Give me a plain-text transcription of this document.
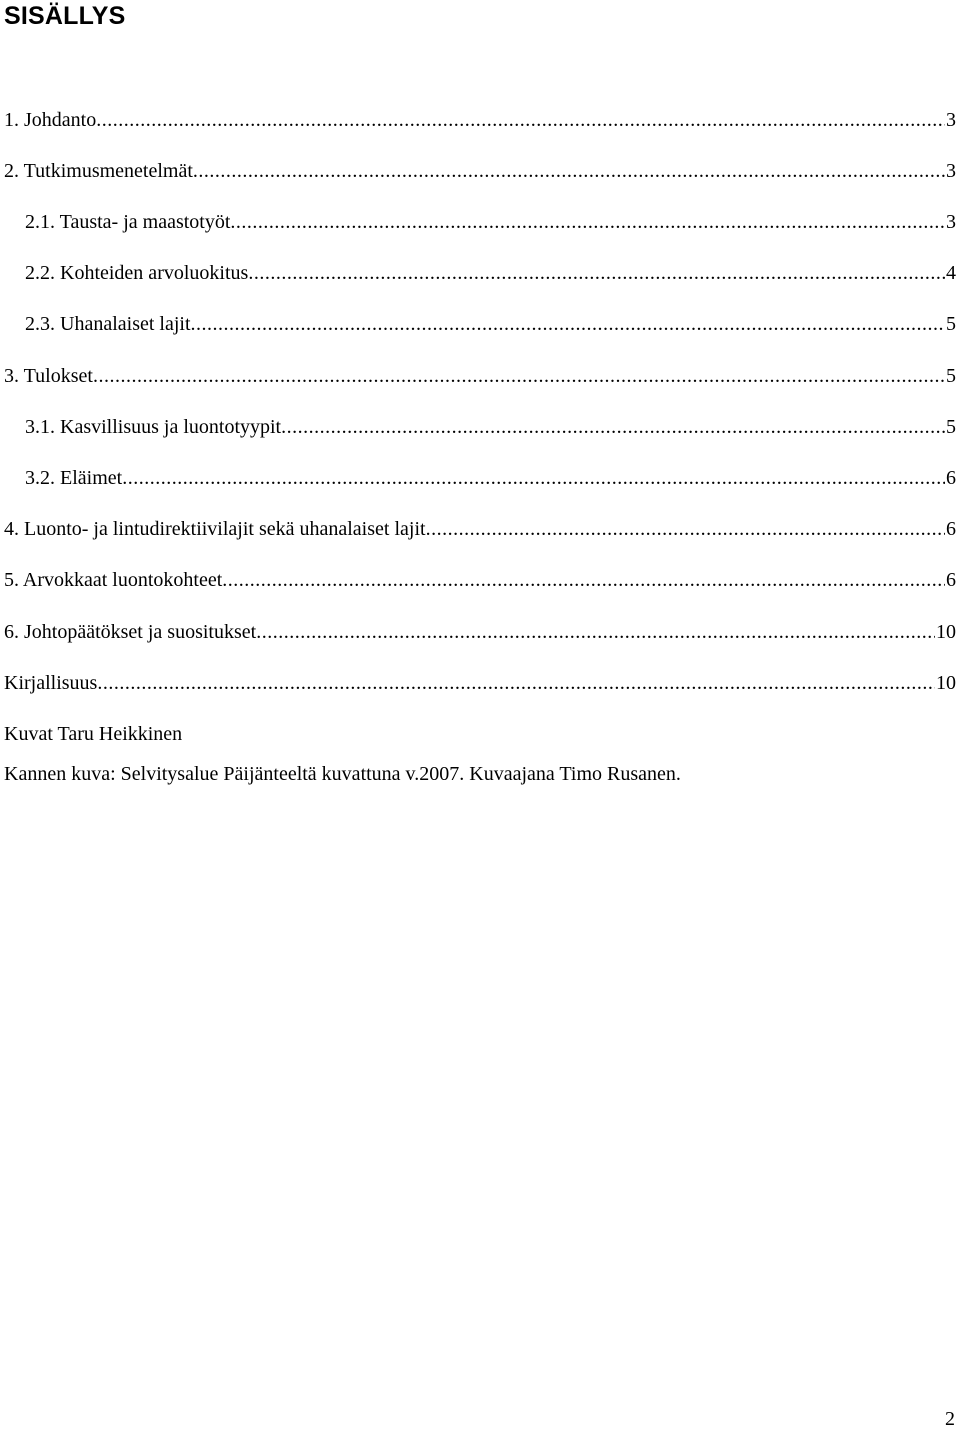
SISÄLLYS
1. Johdanto .....	3
2. Tutkimusmenetelmät .....	3
2.1. Tausta- ja maastotyöt .....	3
2.2. Kohteiden arvoluokitus .....	4
2.3. Uhanalaiset lajit .....	5
3. Tulokset .....	5
3.1. Kasvillisuus ja luontotyypit .....	5
3.2. Eläimet .....	6
4. Luonto- ja lintudirektiivilajit sekä uhanalaiset lajit .....	6
5. Arvokkaat luontokohteet .....	6
6. Johtopäätökset ja suositukset .....	10
Kirjallisuus .....	10

Kuvat Taru Heikkinen

Kannen kuva: Selvitysalue Päijänteeltä kuvattuna v.2007. Kuvaajana Timo Rusanen.

2
